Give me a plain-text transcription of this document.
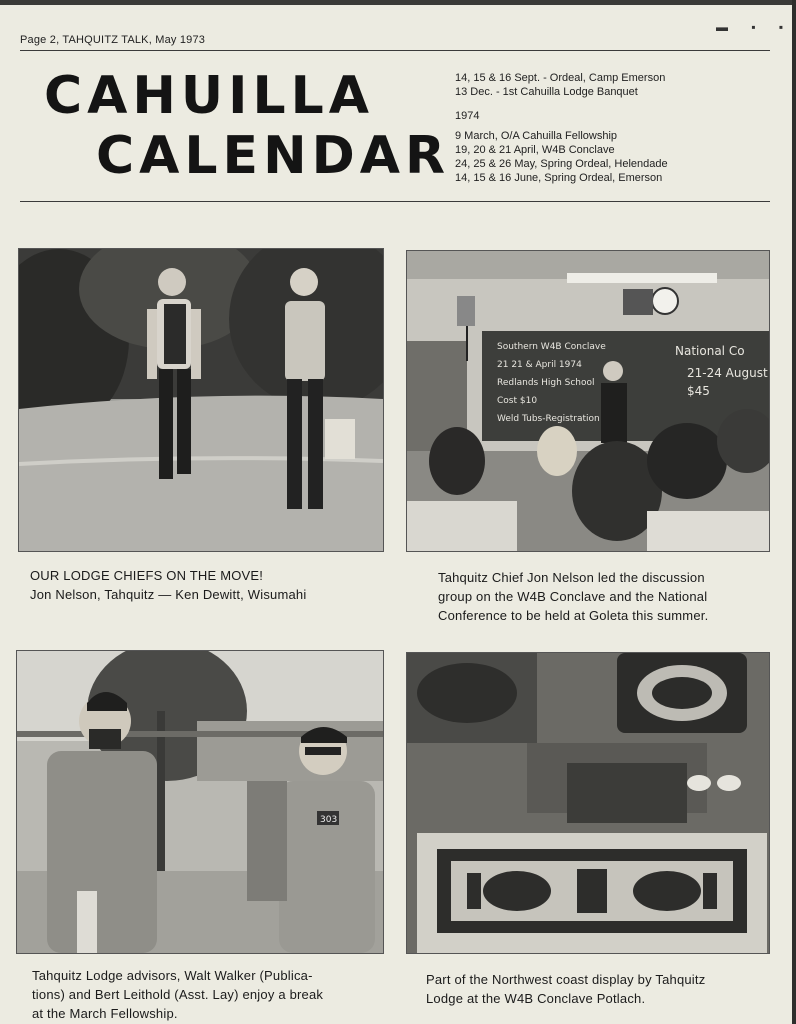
Page 2, TAHQUITZ TALK, May 1973
▬ ▪ ▪
CAHUILLA
CALENDAR
14, 15 & 16 Sept. - Ordeal, Camp Emerson
13 Dec. - 1st Cahuilla Lodge Banquet
1974
9 March, O/A Cahuilla Fellowship
19, 20 & 21 April, W4B Conclave
24, 25 & 26 May, Spring Ordeal, Helendade
14, 15 & 16 June, Spring Ordeal, Emerson
OUR LODGE CHIEFS ON THE MOVE!
Jon Nelson, Tahquitz — Ken Dewitt, Wisumahi
Southern W4B Conclave
21 21 & April 1974
Redlands High School
Cost $10
Weld Tubs-Registration
National Co
21-24 August
$45
Tahquitz Chief Jon Nelson led the discussion
group on the W4B Conclave and the National
Conference to be held at Goleta this summer.
303
Tahquitz Lodge advisors, Walt Walker (Publica-
tions) and Bert Leithold (Asst. Lay) enjoy a break
at the March Fellowship.
Part of the Northwest coast display by Tahquitz
Lodge at the W4B Conclave Potlach.
